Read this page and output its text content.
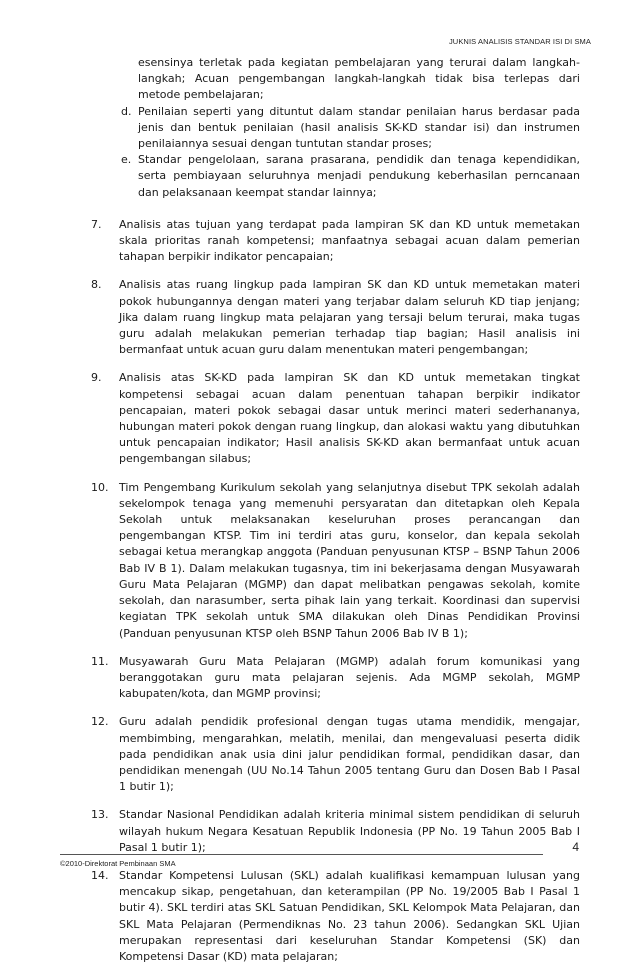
JUKNIS ANALISIS STANDAR ISI DI SMA
esensinya terletak pada kegiatan pembelajaran yang terurai dalam langkah-langkah; Acuan pengembangan langkah-langkah tidak bisa terlepas dari metode pembelajaran;
d. Penilaian seperti yang dituntut dalam standar penilaian harus berdasar pada jenis dan bentuk penilaian (hasil analisis SK-KD standar isi) dan instrumen penilaiannya sesuai dengan tuntutan standar proses;
e. Standar pengelolaan, sarana prasarana, pendidik dan tenaga kependidikan, serta pembiayaan seluruhnya menjadi pendukung keberhasilan perncanaan dan pelaksanaan keempat standar lainnya;
7. Analisis atas tujuan yang terdapat pada lampiran SK dan KD untuk memetakan skala prioritas ranah kompetensi; manfaatnya sebagai acuan dalam pemerian tahapan berpikir indikator pencapaian;
8. Analisis atas ruang lingkup pada lampiran SK dan KD untuk memetakan materi pokok hubungannya dengan materi yang terjabar dalam seluruh KD tiap jenjang; Jika dalam ruang lingkup mata pelajaran yang tersaji belum terurai, maka tugas guru adalah melakukan pemerian terhadap tiap bagian; Hasil analisis ini bermanfaat untuk acuan guru dalam menentukan materi pengembangan;
9. Analisis atas SK-KD pada lampiran SK dan KD untuk memetakan tingkat kompetensi sebagai acuan dalam penentuan tahapan berpikir indikator pencapaian, materi pokok sebagai dasar untuk merinci materi sederhananya, hubungan materi pokok dengan ruang lingkup, dan alokasi waktu yang dibutuhkan untuk pencapaian indikator; Hasil analisis SK-KD akan bermanfaat untuk acuan pengembangan silabus;
10. Tim Pengembang Kurikulum sekolah yang selanjutnya disebut TPK sekolah adalah sekelompok tenaga yang memenuhi persyaratan dan ditetapkan oleh Kepala Sekolah untuk melaksanakan keseluruhan proses perancangan dan pengembangan KTSP. Tim ini terdiri atas guru, konselor, dan kepala sekolah sebagai ketua merangkap anggota (Panduan penyusunan KTSP – BSNP Tahun 2006 Bab IV B 1). Dalam melakukan tugasnya, tim ini bekerjasama dengan Musyawarah Guru Mata Pelajaran (MGMP) dan dapat melibatkan pengawas sekolah, komite sekolah, dan narasumber, serta pihak lain yang terkait. Koordinasi dan supervisi kegiatan TPK sekolah untuk SMA dilakukan oleh Dinas Pendidikan Provinsi (Panduan penyusunan KTSP oleh BSNP Tahun 2006 Bab IV B 1);
11. Musyawarah Guru Mata Pelajaran (MGMP) adalah forum komunikasi yang beranggotakan guru mata pelajaran sejenis. Ada MGMP sekolah, MGMP kabupaten/kota, dan MGMP provinsi;
12. Guru adalah pendidik profesional dengan tugas utama mendidik, mengajar, membimbing, mengarahkan, melatih, menilai, dan mengevaluasi peserta didik pada pendidikan anak usia dini jalur pendidikan formal, pendidikan dasar, dan pendidikan menengah (UU No.14 Tahun 2005 tentang Guru dan Dosen Bab I Pasal 1 butir 1);
13. Standar Nasional Pendidikan adalah kriteria minimal sistem pendidikan di seluruh wilayah hukum Negara Kesatuan Republik Indonesia (PP No. 19 Tahun 2005 Bab I Pasal 1 butir 1);
14. Standar Kompetensi Lulusan (SKL) adalah kualifikasi kemampuan lulusan yang mencakup sikap, pengetahuan, dan keterampilan (PP No. 19/2005 Bab I Pasal 1 butir 4). SKL terdiri atas SKL Satuan Pendidikan, SKL Kelompok Mata Pelajaran, dan SKL Mata Pelajaran (Permendiknas No. 23 tahun 2006). Sedangkan SKL Ujian merupakan representasi dari keseluruhan Standar Kompetensi (SK) dan Kompetensi Dasar (KD) mata pelajaran;
4
©2010-Direktorat Pembinaan SMA
